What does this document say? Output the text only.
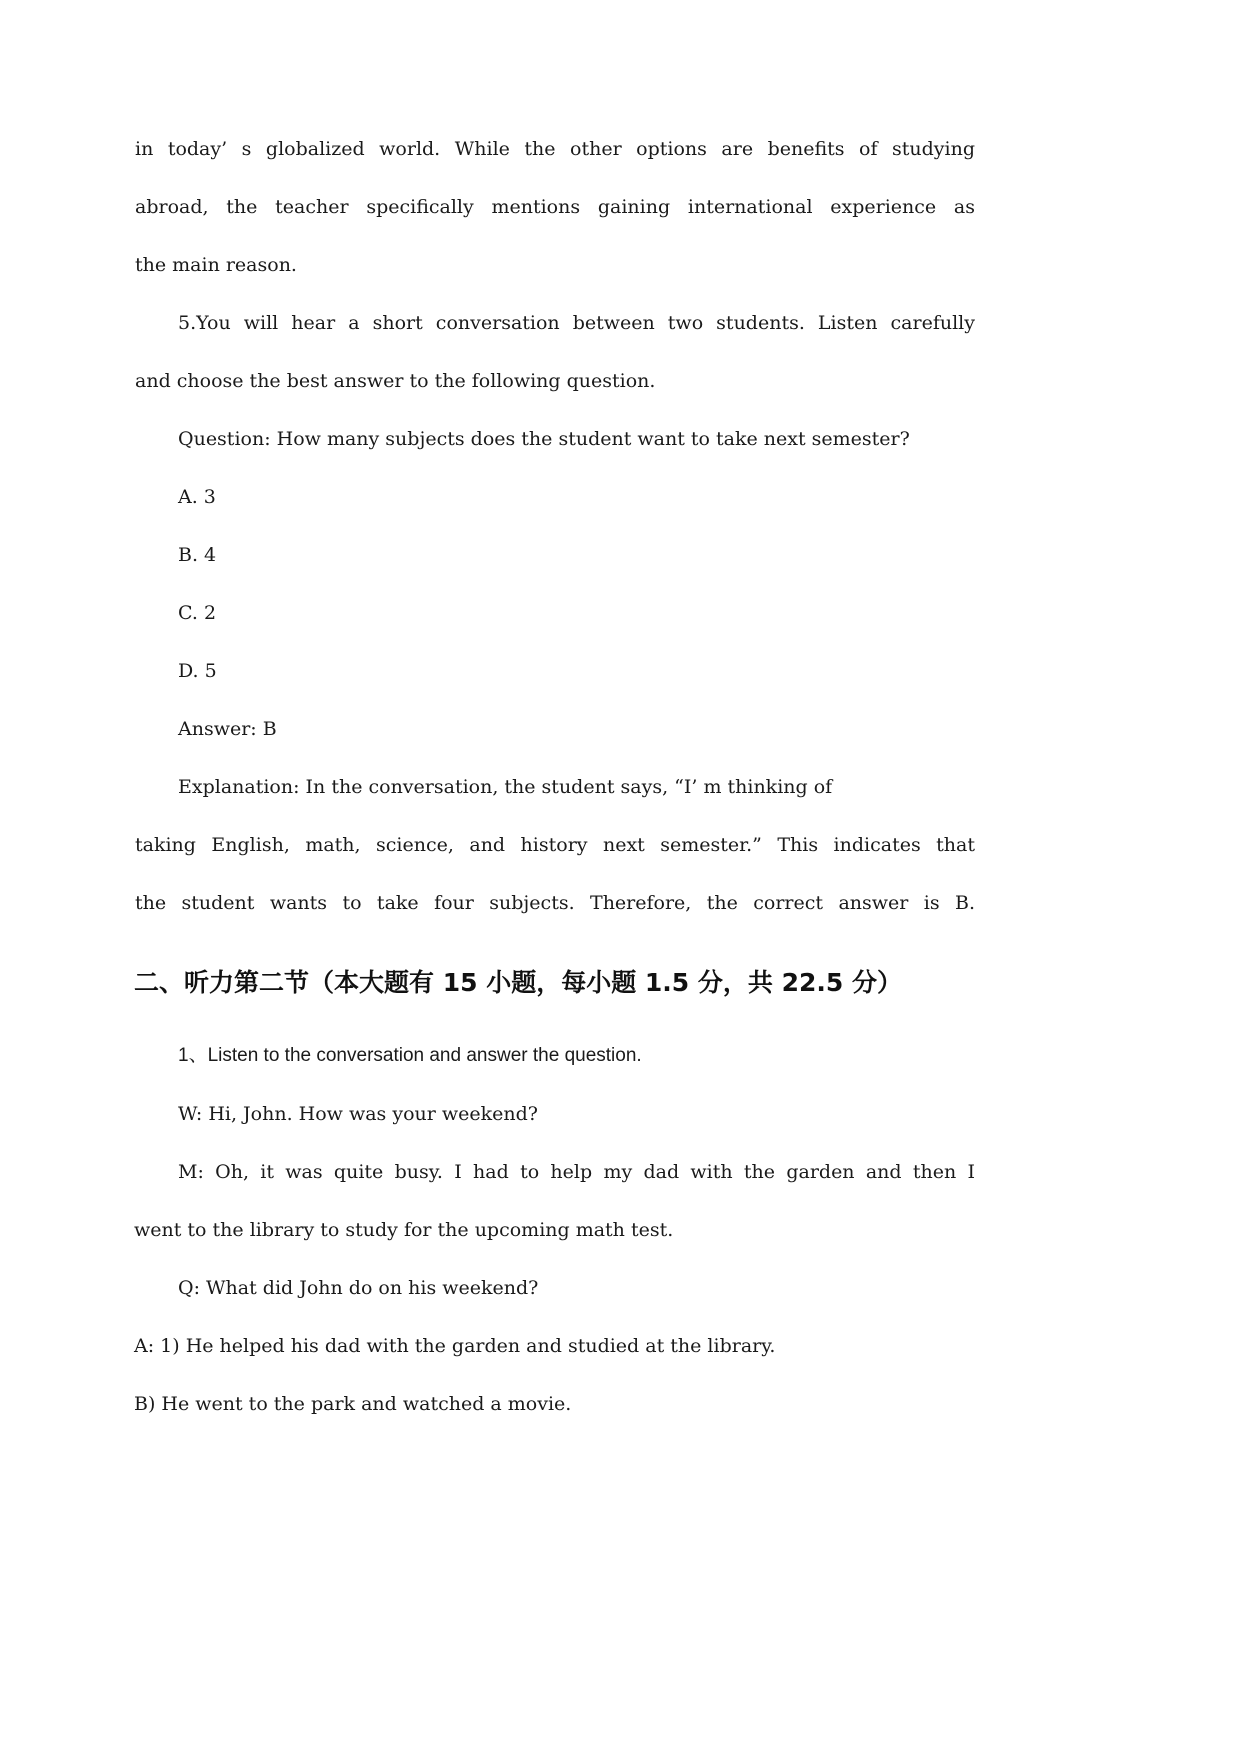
in today’ s globalized world. While the other options are benefits of studying
abroad, the teacher specifically mentions gaining international experience as
the main reason.
5.You will hear a short conversation between two students. Listen carefully
and choose the best answer to the following question.
Question: How many subjects does the student want to take next semester?
A. 3
B. 4
C. 2
D. 5
Answer: B
Explanation: In the conversation, the student says, “I’ m thinking of
taking English, math, science, and history next semester.” This indicates that
the student wants to take four subjects. Therefore, the correct answer is B.
二、听力第二节（本大题有 15 小题，每小题 1.5 分，共 22.5 分）
1、Listen to the conversation and answer the question.
W: Hi, John. How was your weekend?
M: Oh, it was quite busy. I had to help my dad with the garden and then I
went to the library to study for the upcoming math test.
Q: What did John do on his weekend?
A: 1) He helped his dad with the garden and studied at the library.
B) He went to the park and watched a movie.
